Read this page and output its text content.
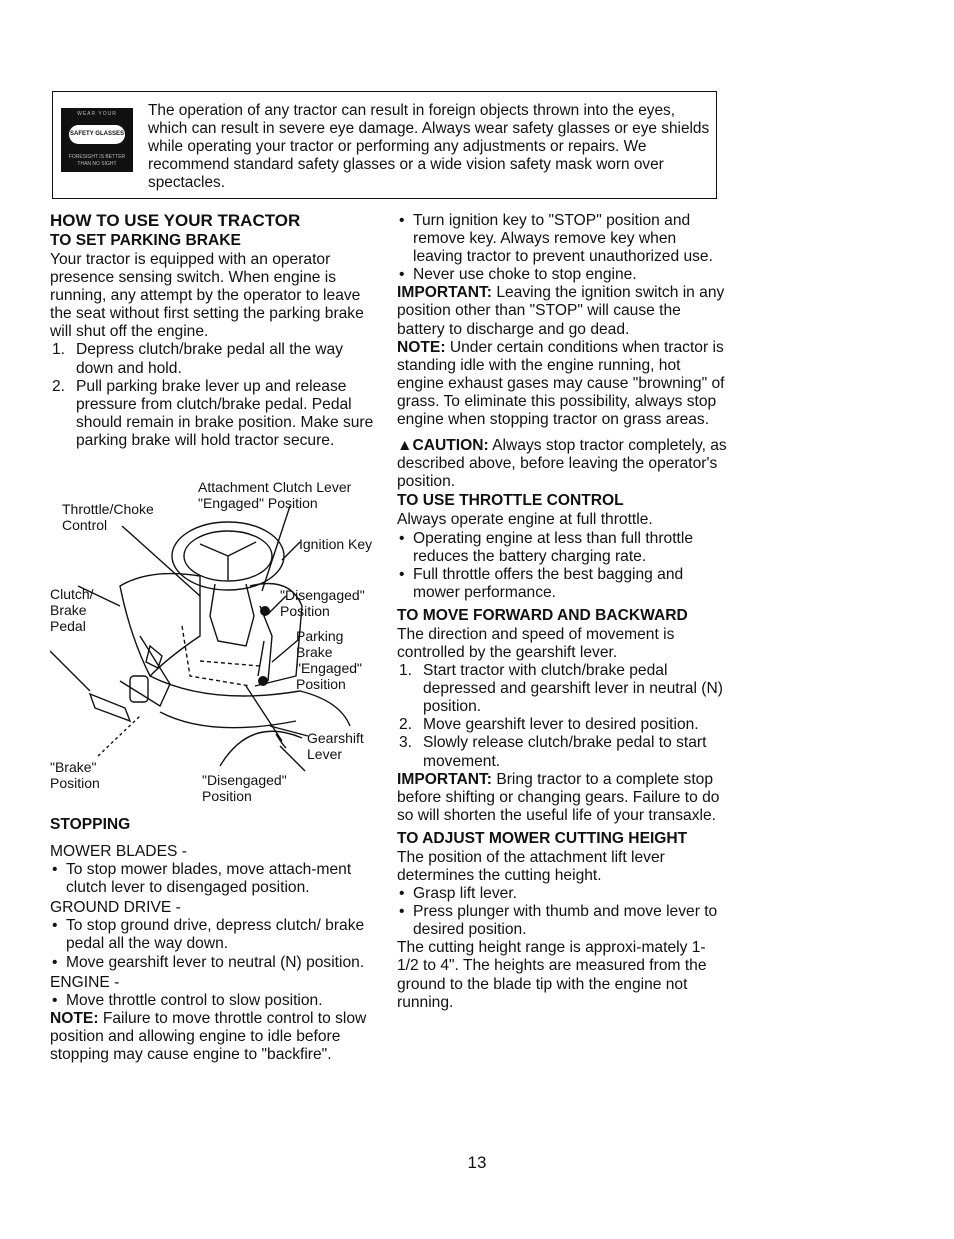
WEAR YOUR
SAFETY GLASSES
FORESIGHT IS BETTER
THAN NO SIGHT
The operation of any tractor can result in foreign objects thrown into the eyes, which can result in severe eye damage. Always wear safety glasses or eye shields while operating your tractor or performing any adjustments or repairs. We recommend standard safety glasses or a wide vision safety mask worn over spectacles.

HOW TO USE YOUR TRACTOR

TO SET PARKING BRAKE

Your tractor is equipped with an operator presence sensing switch. When engine is running, any attempt by the operator to leave the seat without first setting the parking brake will shut off the engine.

1. Depress clutch/brake pedal all the way down and hold.

2. Pull parking brake lever up and release pressure from clutch/brake pedal. Pedal should remain in brake position. Make sure parking brake will hold tractor secure.

Attachment Clutch Lever
"Engaged" Position
Throttle/Choke
Control
Ignition Key
Clutch/
Brake
Pedal
"Disengaged"
Position
Parking
Brake
"Engaged"
Position
Gearshift
Lever
"Brake"
Position	"Disengaged"
Position

STOPPING

MOWER BLADES -

• To stop mower blades, move attach-ment clutch lever to disengaged position.

GROUND DRIVE -

• To stop ground drive, depress clutch/ brake pedal all the way down.

• Move gearshift lever to neutral (N) position.

ENGINE -

• Move throttle control to slow position.

NOTE: Failure to move throttle control to slow position and allowing engine to idle before stopping may cause engine to "backfire".

• Turn ignition key to "STOP" position and remove key. Always remove key when leaving tractor to prevent unauthorized use.

• Never use choke to stop engine.

IMPORTANT: Leaving the ignition switch in any position other than "STOP" will cause the battery to discharge and go dead.

NOTE: Under certain conditions when tractor is standing idle with the engine running, hot engine exhaust gases may cause "browning" of grass. To eliminate this possibility, always stop engine when stopping tractor on grass areas.

▲CAUTION: Always stop tractor completely, as described above, before leaving the operator's position.

TO USE THROTTLE CONTROL

Always operate engine at full throttle.

• Operating engine at less than full throttle reduces the battery charging rate.

• Full throttle offers the best bagging and mower performance.

TO MOVE FORWARD AND BACKWARD

The direction and speed of movement is controlled by the gearshift lever.

1. Start tractor with clutch/brake pedal depressed and gearshift lever in neutral (N) position.

2. Move gearshift lever to desired position.

3. Slowly release clutch/brake pedal to start movement.

IMPORTANT: Bring tractor to a complete stop before shifting or changing gears. Failure to do so will shorten the useful life of your transaxle.

TO ADJUST MOWER CUTTING HEIGHT

The position of the attachment lift lever determines the cutting height.

• Grasp lift lever.

• Press plunger with thumb and move lever to desired position.

The cutting height range is approxi-mately 1-1/2 to 4". The heights are measured from the ground to the blade tip with the engine not running.

13
